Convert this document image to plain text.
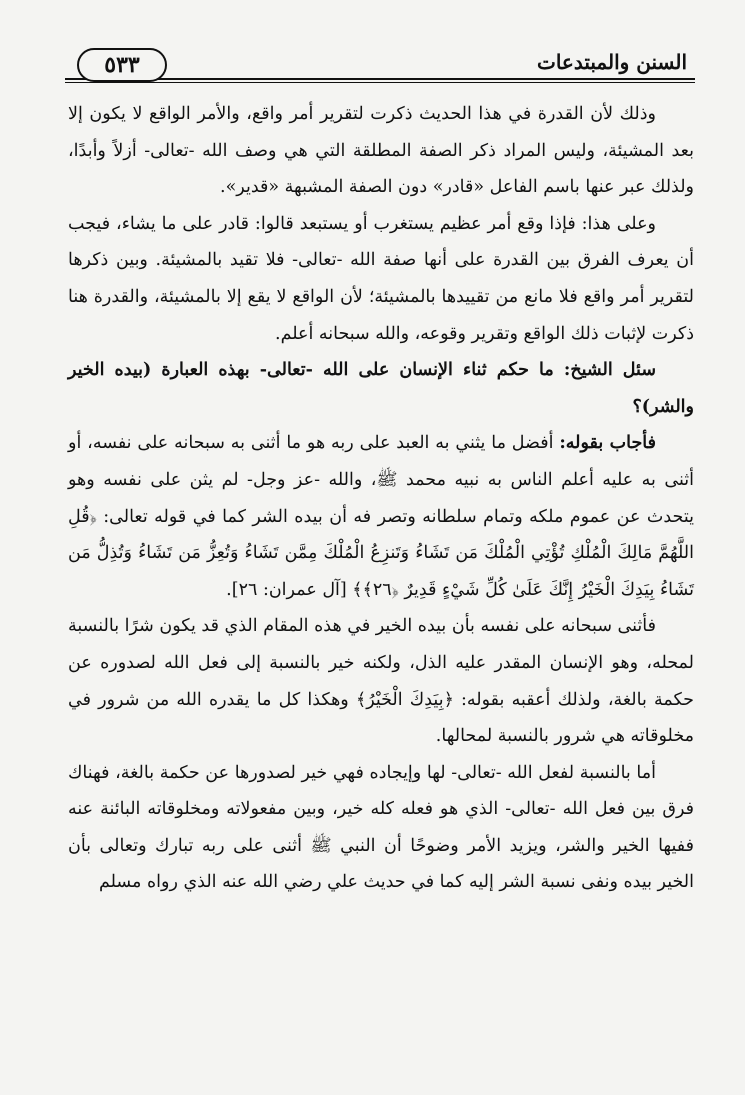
٥٣٣	السنن والمبتدعات

وذلك لأن القدرة في هذا الحديث ذكرت لتقرير أمر واقع، والأمر الواقع لا يكون إلا بعد المشيئة، وليس المراد ذكر الصفة المطلقة التي هي وصف الله -تعالى- أزلاً وأبدًا، ولذلك عبر عنها باسم الفاعل «قادر» دون الصفة المشبهة «قدير».

وعلى هذا: فإذا وقع أمر عظيم يستغرب أو يستبعد قالوا: قادر على ما يشاء، فيجب أن يعرف الفرق بين القدرة على أنها صفة الله -تعالى- فلا تقيد بالمشيئة. وبين ذكرها لتقرير أمر واقع فلا مانع من تقييدها بالمشيئة؛ لأن الواقع لا يقع إلا بالمشيئة، والقدرة هنا ذكرت لإثبات ذلك الواقع وتقرير وقوعه، والله سبحانه أعلم.

سئل الشيخ: ما حكم ثناء الإنسان على الله -تعالى- بهذه العبارة (بيده الخير والشر)؟

فأجاب بقوله: أفضل ما يثني به العبد على ربه هو ما أثنى به سبحانه على نفسه، أو أثنى به عليه أعلم الناس به نبيه محمد ﷺ، والله -عز وجل- لم يثن على نفسه وهو يتحدث عن عموم ملكه وتمام سلطانه وتصر فه أن بيده الشر كما في قوله تعالى: ﴿قُلِ اللَّهُمَّ مَالِكَ الْمُلْكِ تُؤْتِي الْمُلْكَ مَن تَشَاءُ وَتَنزِعُ الْمُلْكَ مِمَّن تَشَاءُ وَتُعِزُّ مَن تَشَاءُ وَتُذِلُّ مَن تَشَاءُ بِيَدِكَ الْخَيْرُ إِنَّكَ عَلَىٰ كُلِّ شَيْءٍ قَدِيرٌ ﴿٢٦﴾﴾ [آل عمران: ٢٦].

فأثنى سبحانه على نفسه بأن بيده الخير في هذه المقام الذي قد يكون شرًا بالنسبة لمحله، وهو الإنسان المقدر عليه الذل، ولكنه خير بالنسبة إلى فعل الله لصدوره عن حكمة بالغة، ولذلك أعقبه بقوله: ﴿بِيَدِكَ الْخَيْرُ﴾ وهكذا كل ما يقدره الله من شرور في مخلوقاته هي شرور بالنسبة لمحالها.

أما بالنسبة لفعل الله -تعالى- لها وإيجاده فهي خير لصدورها عن حكمة بالغة، فهناك فرق بين فعل الله -تعالى- الذي هو فعله كله خير، وبين مفعولاته ومخلوقاته البائنة عنه ففيها الخير والشر، ويزيد الأمر وضوحًا أن النبي ﷺ أثنى على ربه تبارك وتعالى بأن الخير بيده ونفى نسبة الشر إليه كما في حديث علي رضي الله عنه الذي رواه مسلم
